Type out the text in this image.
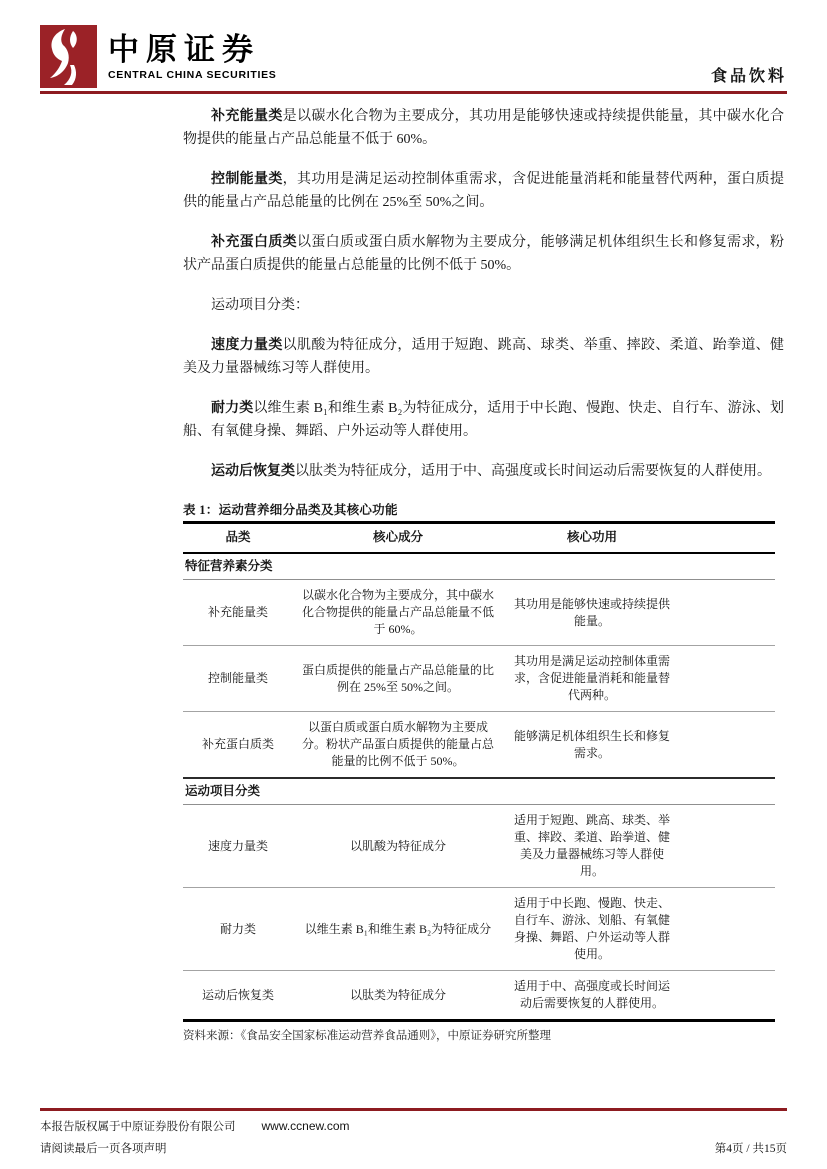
中原证券
CENTRAL CHINA SECURITIES	食品饮料

补充能量类是以碳水化合物为主要成分，其功用是能够快速或持续提供能量，其中碳水化合物提供的能量占产品总能量不低于 60%。

控制能量类，其功用是满足运动控制体重需求，含促进能量消耗和能量替代两种，蛋白质提供的能量占产品总能量的比例在 25%至 50%之间。

补充蛋白质类以蛋白质或蛋白质水解物为主要成分，能够满足机体组织生长和修复需求，粉状产品蛋白质提供的能量占总能量的比例不低于 50%。

运动项目分类：

速度力量类以肌酸为特征成分，适用于短跑、跳高、球类、举重、摔跤、柔道、跆拳道、健美及力量器械练习等人群使用。

耐力类以维生素 B₁和维生素 B₂为特征成分，适用于中长跑、慢跑、快走、自行车、游泳、划船、有氧健身操、舞蹈、户外运动等人群使用。

运动后恢复类以肽类为特征成分，适用于中、高强度或长时间运动后需要恢复的人群使用。

表 1：运动营养细分品类及其核心功能
品类	核心成分	核心功用
特征营养素分类		
补充能量类	以碳水化合物为主要成分，其中碳水化合物提供的能量占产品总能量不低于 60%。	其功用是能够快速或持续提供能量。
控制能量类	蛋白质提供的能量占产品总能量的比例在 25%至 50%之间。	其功用是满足运动控制体重需求，含促进能量消耗和能量替代两种。
补充蛋白质类	以蛋白质或蛋白质水解物为主要成分。粉状产品蛋白质提供的能量占总能量的比例不低于 50%。	能够满足机体组织生长和修复需求。
运动项目分类		
速度力量类	以肌酸为特征成分	适用于短跑、跳高、球类、举重、摔跤、柔道、跆拳道、健美及力量器械练习等人群使用。
耐力类	以维生素 B₁和维生素 B₂为特征成分	适用于中长跑、慢跑、快走、自行车、游泳、划船、有氧健身操、舞蹈、户外运动等人群使用。
运动后恢复类	以肽类为特征成分	适用于中、高强度或长时间运动后需要恢复的人群使用。
资料来源：《食品安全国家标准运动营养食品通则》，中原证券研究所整理
本报告版权属于中原证券股份有限公司 www.ccnew.com
请阅读最后一页各项声明	第4页 / 共15页
